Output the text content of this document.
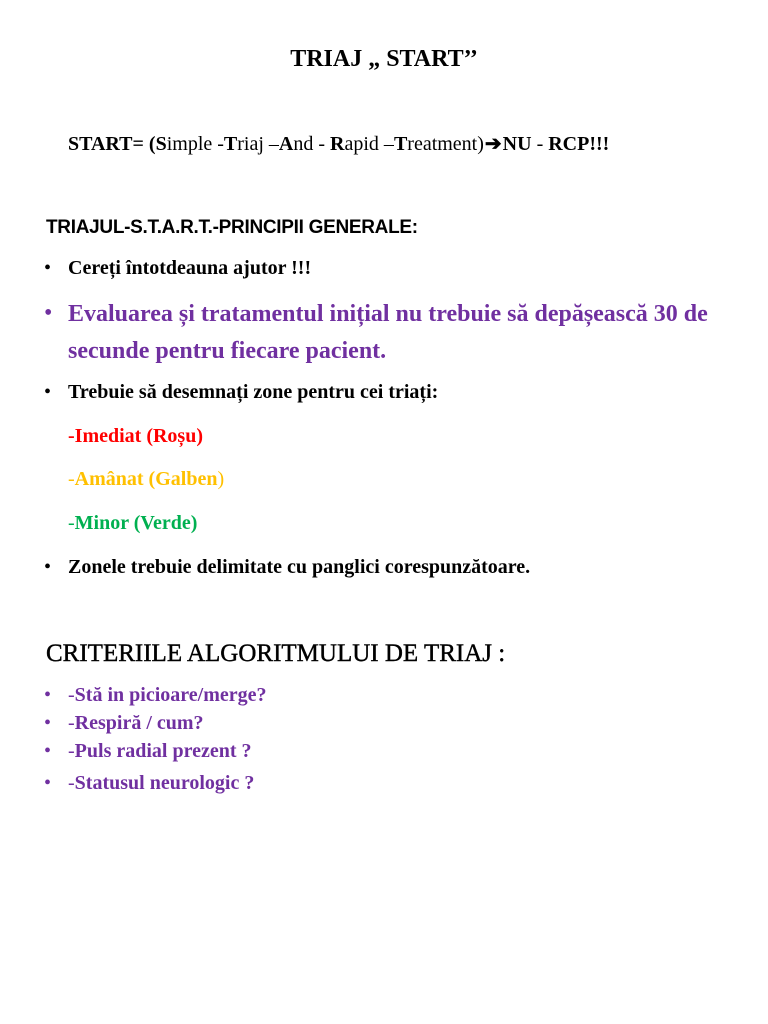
TRIAJ „ START’’
START= (Simple -Triaj –And - Rapid –Treatment)➔NU - RCP!!!
TRIAJUL-S.T.A.R.T.-PRINCIPII GENERALE:
• Cereți întotdeauna ajutor !!!
• Evaluarea și tratamentul inițial nu trebuie să depășească 30 de secunde pentru fiecare pacient.
• Trebuie să desemnați zone pentru cei triați:
-Imediat (Roșu)
-Amânat (Galben)
-Minor (Verde)
• Zonele trebuie delimitate cu panglici corespunzătoare.
CRITERIILE ALGORITMULUI DE TRIAJ :
• -Stă in picioare/merge?
• -Respiră / cum?
• -Puls radial prezent ?
• -Statusul neurologic ?
